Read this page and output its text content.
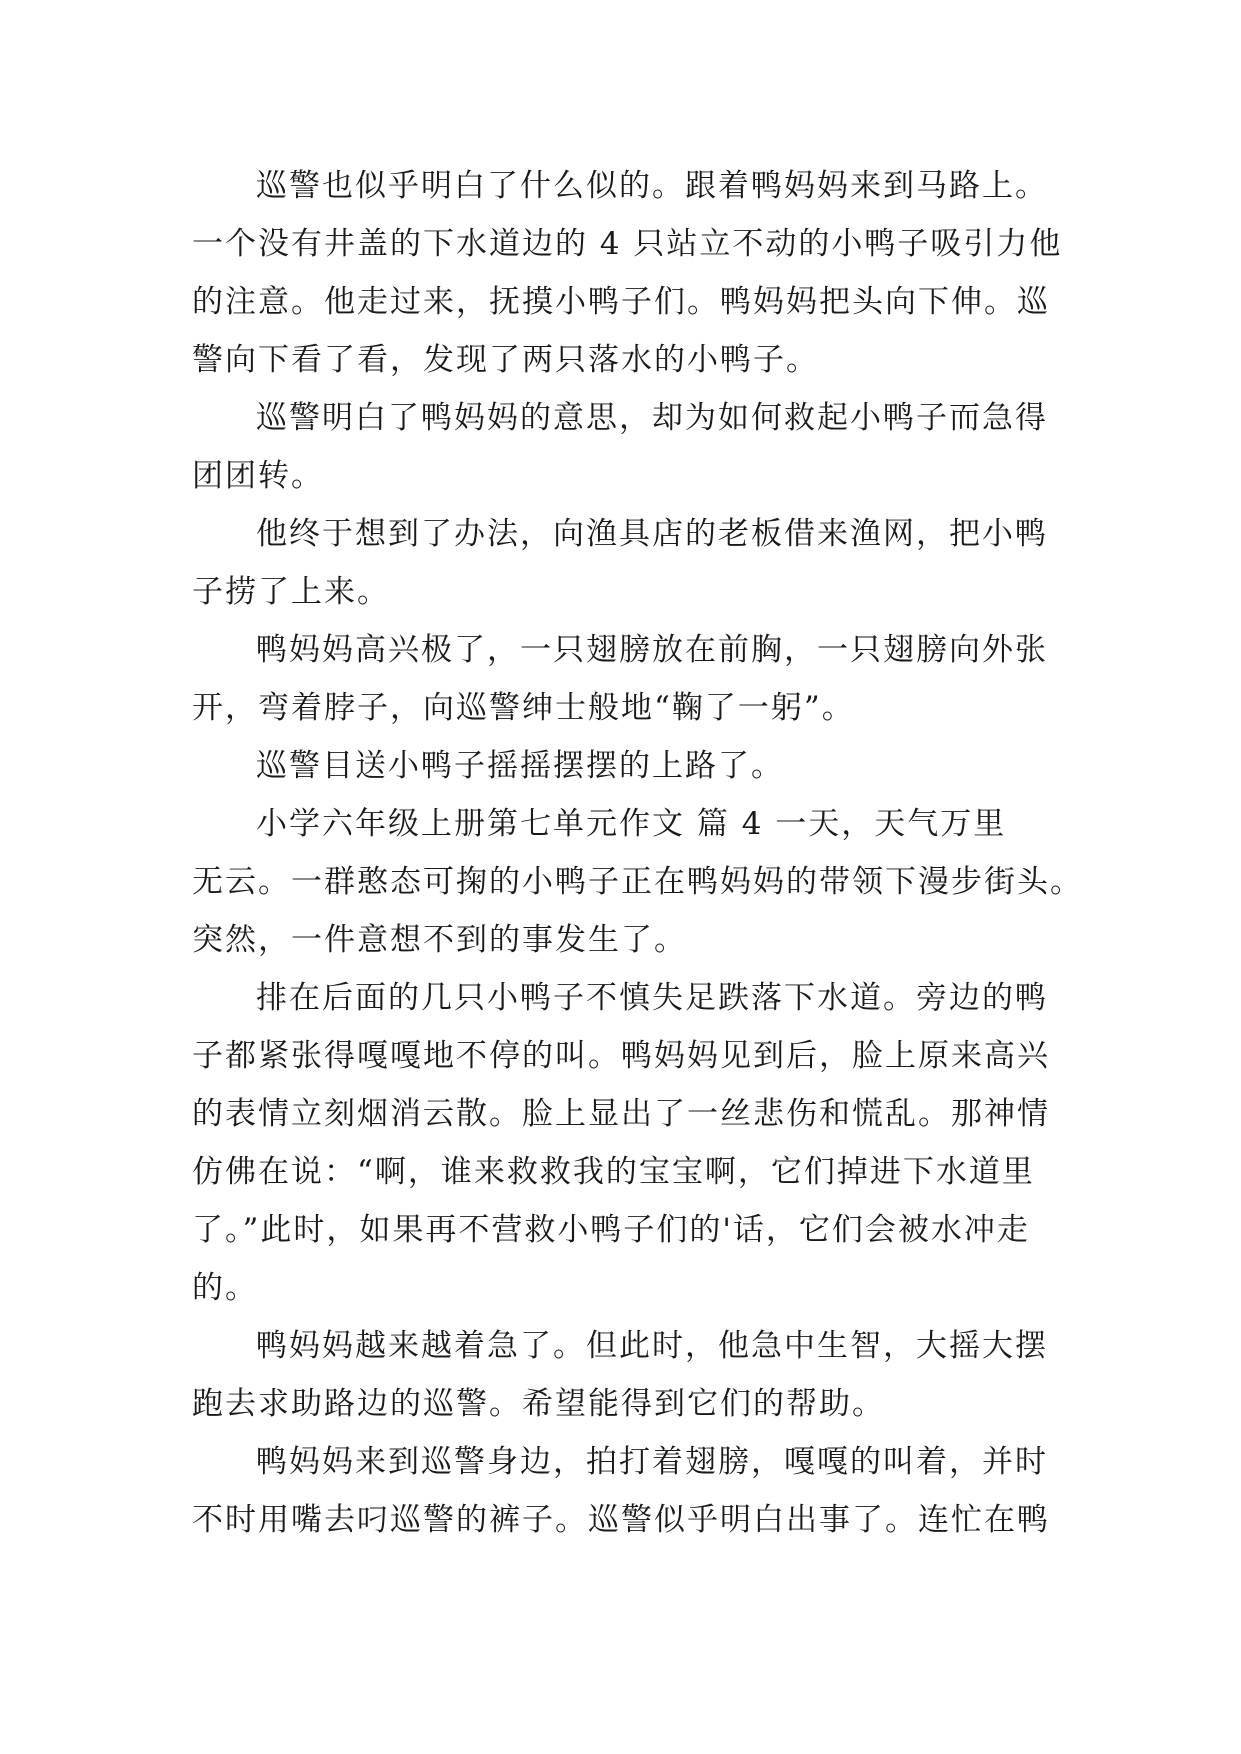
巡警也似乎明白了什么似的。跟着鸭妈妈来到马路上。
一个没有井盖的下水道边的 4 只站立不动的小鸭子吸引力他
的注意。他走过来，抚摸小鸭子们。鸭妈妈把头向下伸。巡
警向下看了看，发现了两只落水的小鸭子。
巡警明白了鸭妈妈的意思，却为如何救起小鸭子而急得
团团转。
他终于想到了办法，向渔具店的老板借来渔网，把小鸭
子捞了上来。
鸭妈妈高兴极了，一只翅膀放在前胸，一只翅膀向外张
开，弯着脖子，向巡警绅士般地“鞠了一躬”。
巡警目送小鸭子摇摇摆摆的上路了。
小学六年级上册第七单元作文 篇 4 一天，天气万里
无云。一群憨态可掬的小鸭子正在鸭妈妈的带领下漫步街头。
突然，一件意想不到的事发生了。
排在后面的几只小鸭子不慎失足跌落下水道。旁边的鸭
子都紧张得嘎嘎地不停的叫。鸭妈妈见到后，脸上原来高兴
的表情立刻烟消云散。脸上显出了一丝悲伤和慌乱。那神情
仿佛在说：“啊，谁来救救我的宝宝啊，它们掉进下水道里
了。”此时，如果再不营救小鸭子们的'话，它们会被水冲走
的。
鸭妈妈越来越着急了。但此时，他急中生智，大摇大摆
跑去求助路边的巡警。希望能得到它们的帮助。
鸭妈妈来到巡警身边，拍打着翅膀，嘎嘎的叫着，并时
不时用嘴去叼巡警的裤子。巡警似乎明白出事了。连忙在鸭
